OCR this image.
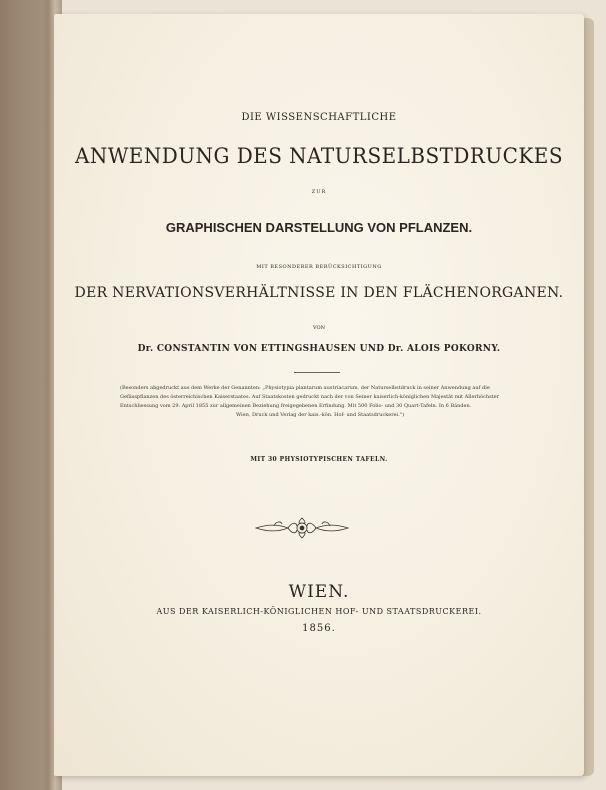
DIE WISSENSCHAFTLICHE
ANWENDUNG DES NATURSELBSTDRUCKES
ZUR
GRAPHISCHEN DARSTELLUNG VON PFLANZEN.
MIT BESONDERER BERÜCKSICHTIGUNG
DER NERVATIONSVERHÄLTNISSE IN DEN FLÄCHENORGANEN.
VON
Dr. CONSTANTIN VON ETTINGSHAUSEN UND Dr. ALOIS POKORNY.
(Besonders abgedruckt aus dem Werke der Genannten: „Physiotypia plantarum austriacarum, der Naturselbstdruck in seiner Anwendung auf die
Gefässpflanzen des österreichischen Kaiserstaates. Auf Staatskosten gedruckt nach der von Seiner kaiserlich-königlichen Majestät mit Allerhöchster
Entschliessung vom 29. April 1855 zur allgemeinen Beziehung freigegebenen Erfindung. Mit 500 Folio- und 30 Quart-Tafeln. In 6 Bänden.
Wien, Druck und Verlag der kais.-kön. Hof- und Staatsdruckerei.")
MIT 30 PHYSIOTYPISCHEN TAFELN.
WIEN.
AUS DER KAISERLICH-KÖNIGLICHEN HOF- UND STAATSDRUCKEREI.
1856.
